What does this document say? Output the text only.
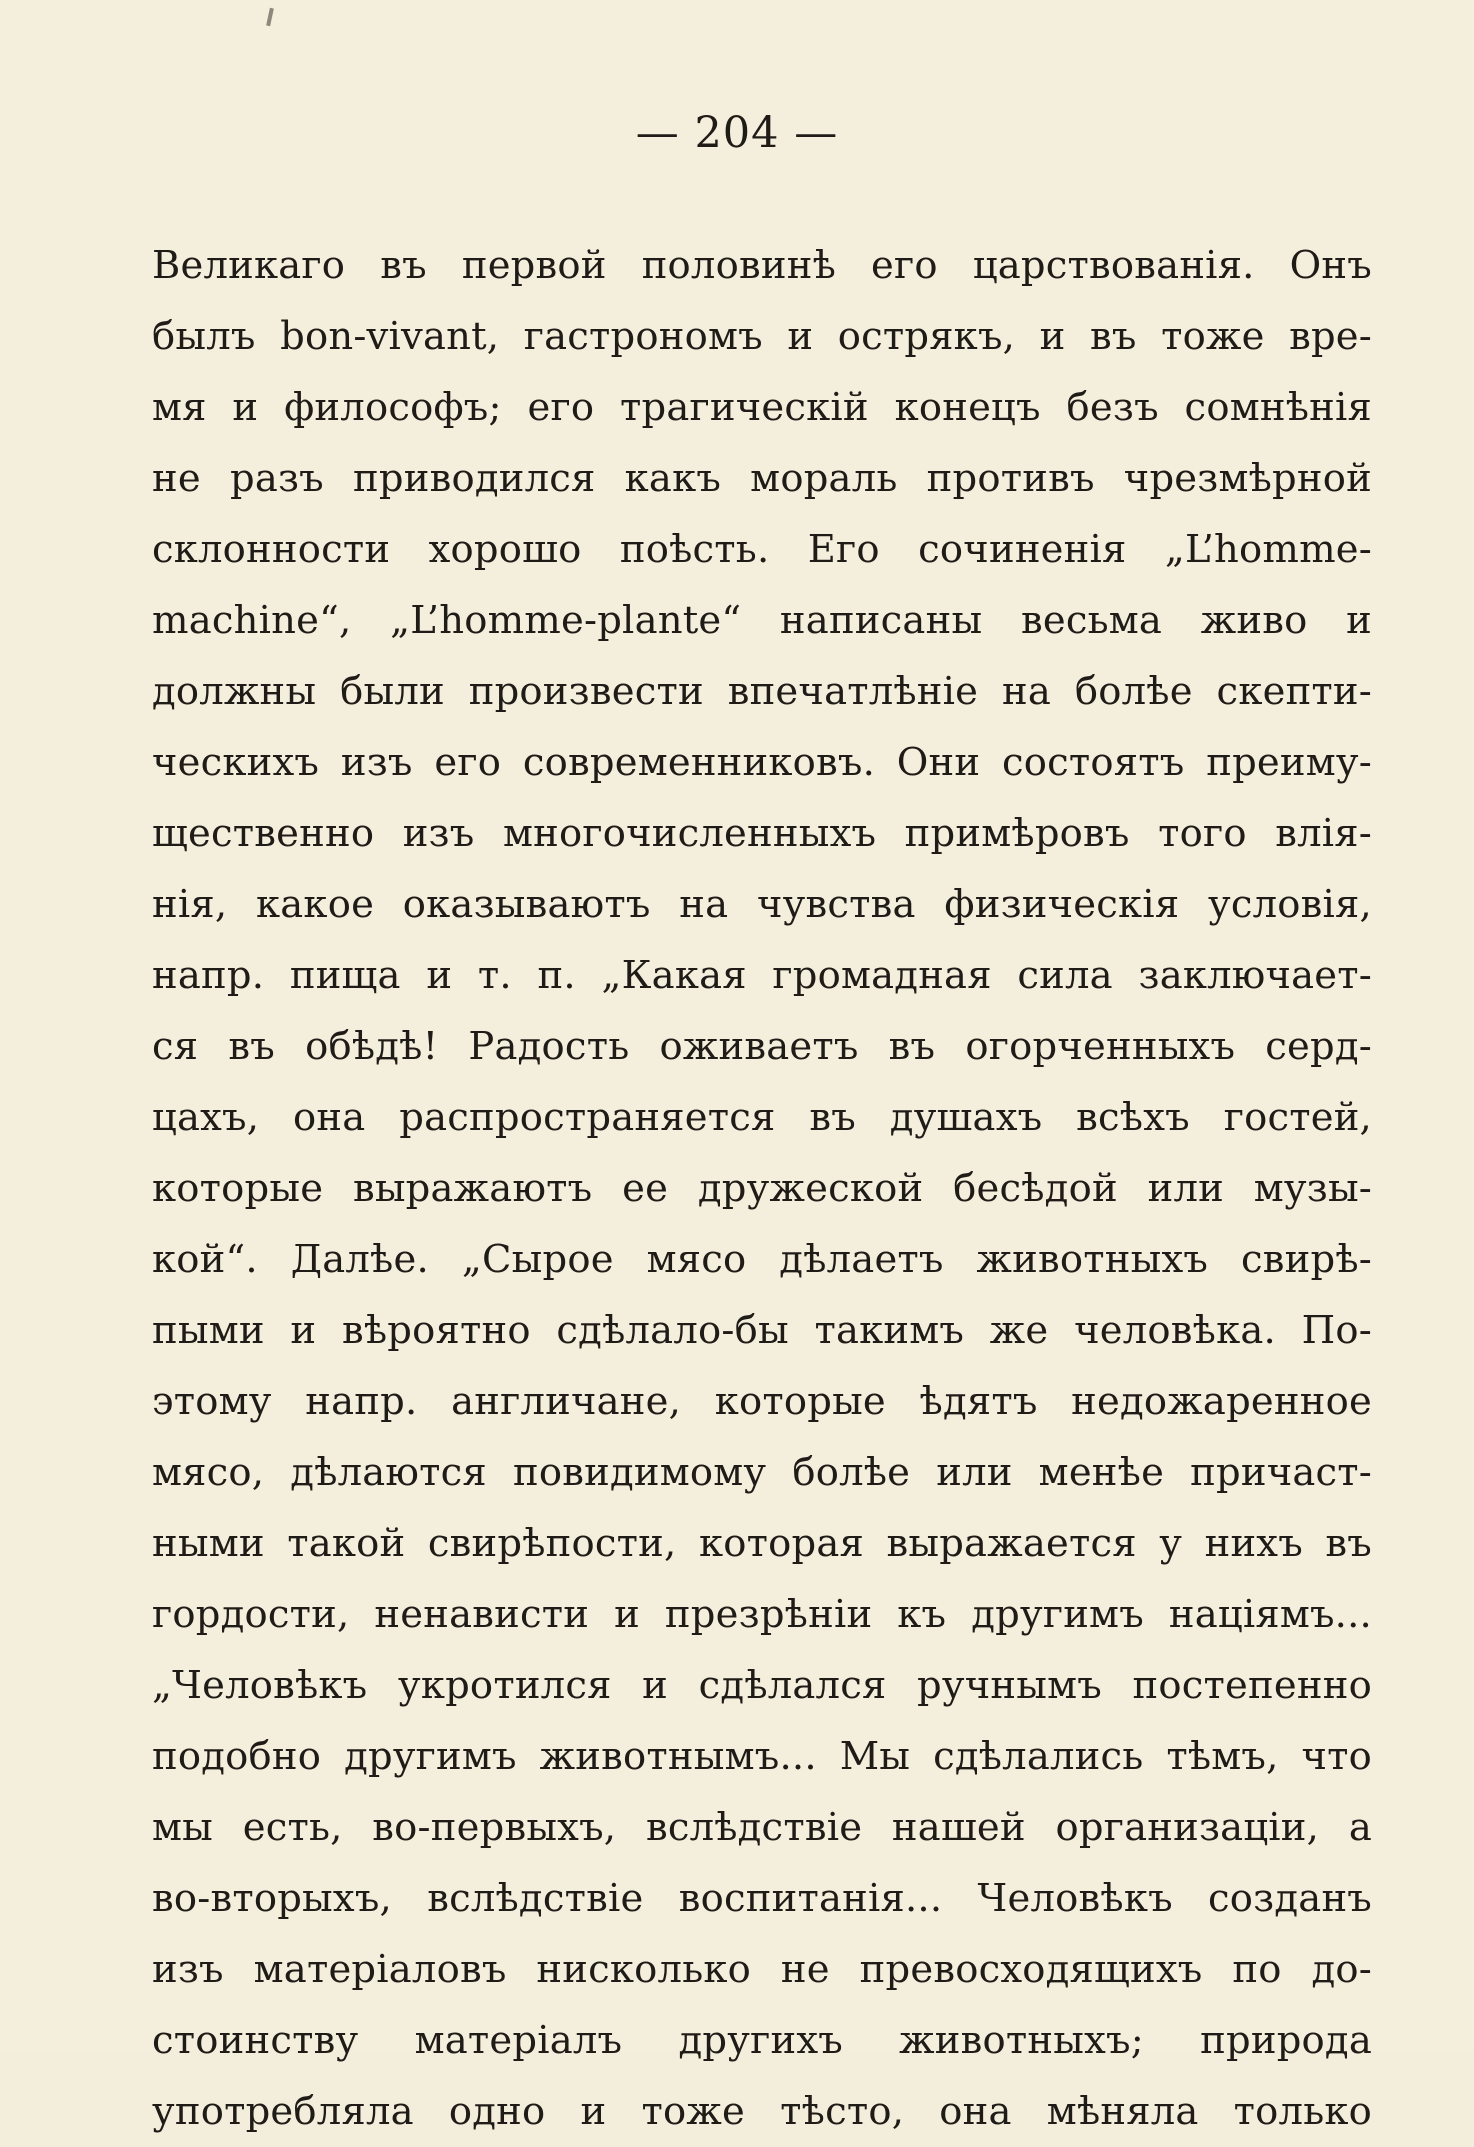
— 204 —
Великаго въ первой половинѣ его царствованія. Онъ
былъ bon-vivant, гастрономъ и острякъ, и въ тоже вре-
мя и философъ; его трагическій конецъ безъ сомнѣнія
не разъ приводился какъ мораль противъ чрезмѣрной
склонности хорошо поѣсть. Его сочиненія „L’homme-
machine“, „L’homme-plante“ написаны весьма живо и
должны были произвести впечатлѣніе на болѣе скепти-
ческихъ изъ его современниковъ. Они состоятъ преиму-
щественно изъ многочисленныхъ примѣровъ того влія-
нія, какое оказываютъ на чувства физическія условія,
напр. пища и т. п. „Какая громадная сила заключает-
ся въ обѣдѣ! Радость оживаетъ въ огорченныхъ серд-
цахъ, она распространяется въ душахъ всѣхъ гостей,
которые выражаютъ ее дружеской бесѣдой или музы-
кой“. Далѣе. „Сырое мясо дѣлаетъ животныхъ свирѣ-
пыми и вѣроятно сдѣлало-бы такимъ же человѣка. По-
этому напр. англичане, которые ѣдятъ недожаренное
мясо, дѣлаются повидимому болѣе или менѣе причаст-
ными такой свирѣпости, которая выражается у нихъ въ
гордости, ненависти и презрѣніи къ другимъ націямъ...
„Человѣкъ укротился и сдѣлался ручнымъ постепенно
подобно другимъ животнымъ... Мы сдѣлались тѣмъ, что
мы есть, во-первыхъ, вслѣдствіе нашей организаціи, а
во-вторыхъ, вслѣдствіе воспитанія... Человѣкъ созданъ
изъ матеріаловъ нисколько не превосходящихъ по до-
стоинству матеріалъ другихъ животныхъ; природа
употребляла одно и тоже тѣсто, она мѣняла только
